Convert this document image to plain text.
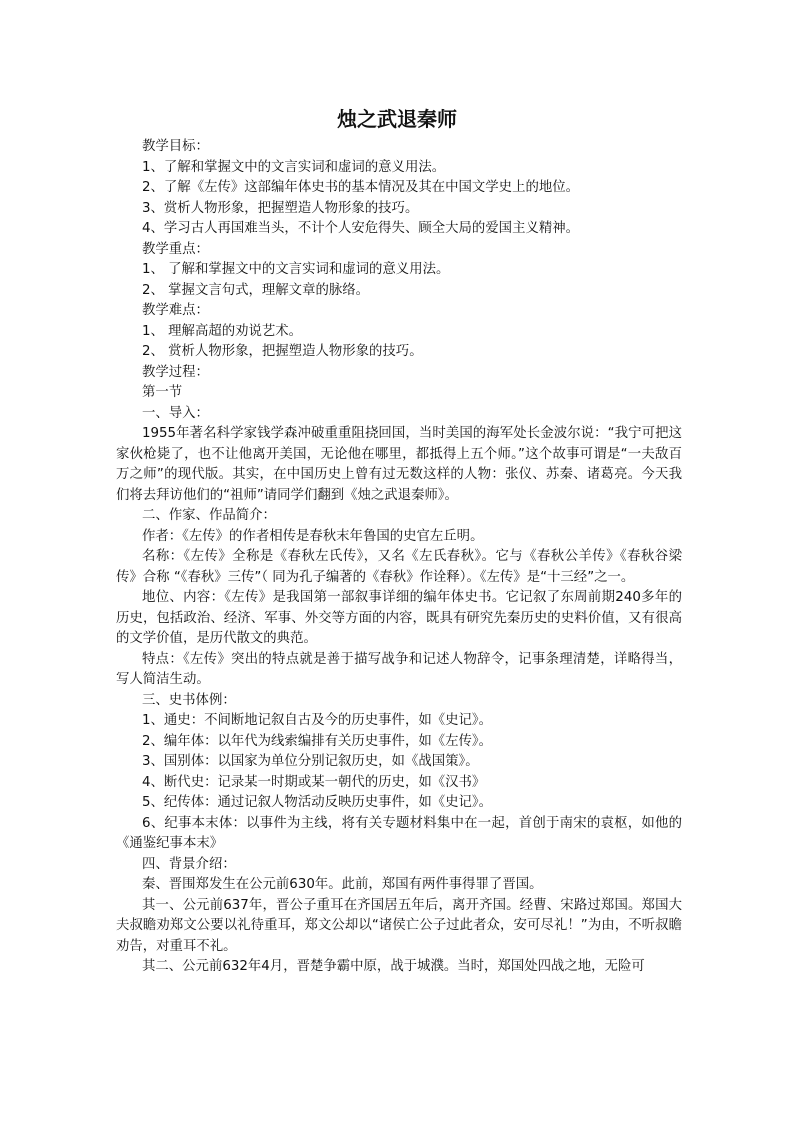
烛之武退秦师

教学目标：

1、了解和掌握文中的文言实词和虚词的意义用法。

2、了解《左传》这部编年体史书的基本情况及其在中国文学史上的地位。

3、赏析人物形象，把握塑造人物形象的技巧。

4、学习古人再国难当头，不计个人安危得失、顾全大局的爱国主义精神。

教学重点：

1、 了解和掌握文中的文言实词和虚词的意义用法。

2、 掌握文言句式，理解文章的脉络。

教学难点：

1、 理解高超的劝说艺术。

2、 赏析人物形象，把握塑造人物形象的技巧。

教学过程：

第一节

一、导入：

1955年著名科学家钱学森冲破重重阻挠回国，当时美国的海军处长金波尔说：“我宁可把这家伙枪毙了，也不让他离开美国，无论他在哪里，都抵得上五个师。”这个故事可谓是“一夫敌百万之师”的现代版。其实，在中国历史上曾有过无数这样的人物：张仪、苏秦、诸葛亮。今天我们将去拜访他们的“祖师”请同学们翻到《烛之武退秦师》。

二、作家、作品简介：

作者：《左传》的作者相传是春秋末年鲁国的史官左丘明。

名称：《左传》全称是《春秋左氏传》，又名《左氏春秋》。它与《春秋公羊传》《春秋谷梁传》合称 “《春秋》三传”（ 同为孔子编著的《春秋》作诠释）。《左传》是“十三经”之一。

地位、内容：《左传》是我国第一部叙事详细的编年体史书。它记叙了东周前期240多年的历史，包括政治、经济、军事、外交等方面的内容，既具有研究先秦历史的史料价值，又有很高的文学价值，是历代散文的典范。

特点：《左传》突出的特点就是善于描写战争和记述人物辞令，记事条理清楚，详略得当，写人简洁生动。

三、史书体例：

1、通史：不间断地记叙自古及今的历史事件，如《史记》。

2、编年体：以年代为线索编排有关历史事件，如《左传》。

3、国别体：以国家为单位分别记叙历史，如《战国策》。

4、断代史：记录某一时期或某一朝代的历史，如《汉书》

5、纪传体：通过记叙人物活动反映历史事件，如《史记》。

6、纪事本末体：以事件为主线，将有关专题材料集中在一起，首创于南宋的袁枢，如他的《通鉴纪事本末》

四、背景介绍：

秦、晋围郑发生在公元前630年。此前，郑国有两件事得罪了晋国。

其一、公元前637年，晋公子重耳在齐国居五年后，离开齐国。经曹、宋路过郑国。郑国大夫叔瞻劝郑文公要以礼待重耳，郑文公却以“诸侯亡公子过此者众，安可尽礼！”为由，不听叔瞻劝告，对重耳不礼。

其二、公元前632年4月，晋楚争霸中原，战于城濮。当时，郑国处四战之地，无险可
